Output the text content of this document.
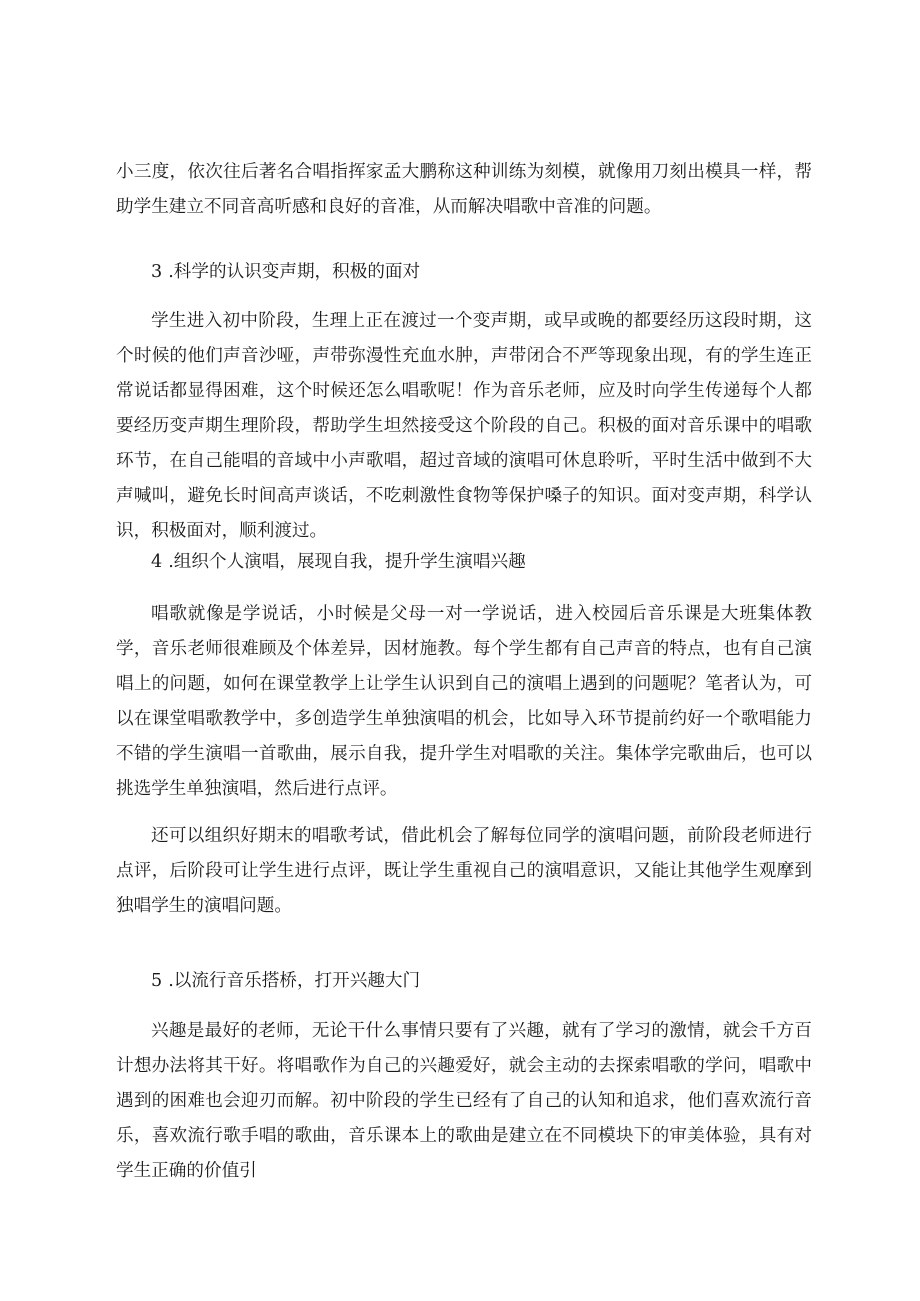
小三度，依次往后著名合唱指挥家孟大鹏称这种训练为刻模，就像用刀刻出模具一样，帮助学生建立不同音高听感和良好的音准，从而解决唱歌中音准的问题。

3 .科学的认识变声期，积极的面对

学生进入初中阶段，生理上正在渡过一个变声期，或早或晚的都要经历这段时期，这个时候的他们声音沙哑，声带弥漫性充血水肿，声带闭合不严等现象出现，有的学生连正常说话都显得困难，这个时候还怎么唱歌呢！作为音乐老师，应及时向学生传递每个人都要经历变声期生理阶段，帮助学生坦然接受这个阶段的自己。积极的面对音乐课中的唱歌环节，在自己能唱的音域中小声歌唱，超过音域的演唱可休息聆听，平时生活中做到不大声喊叫，避免长时间高声谈话，不吃刺激性食物等保护嗓子的知识。面对变声期，科学认识，积极面对，顺利渡过。

4 .组织个人演唱，展现自我，提升学生演唱兴趣

唱歌就像是学说话，小时候是父母一对一学说话，进入校园后音乐课是大班集体教学，音乐老师很难顾及个体差异，因材施教。每个学生都有自己声音的特点，也有自己演唱上的问题，如何在课堂教学上让学生认识到自己的演唱上遇到的问题呢？笔者认为，可以在课堂唱歌教学中，多创造学生单独演唱的机会，比如导入环节提前约好一个歌唱能力不错的学生演唱一首歌曲，展示自我，提升学生对唱歌的关注。集体学完歌曲后，也可以挑选学生单独演唱，然后进行点评。

还可以组织好期末的唱歌考试，借此机会了解每位同学的演唱问题，前阶段老师进行点评，后阶段可让学生进行点评，既让学生重视自己的演唱意识，又能让其他学生观摩到独唱学生的演唱问题。

5 .以流行音乐搭桥，打开兴趣大门

兴趣是最好的老师，无论干什么事情只要有了兴趣，就有了学习的激情，就会千方百计想办法将其干好。将唱歌作为自己的兴趣爱好，就会主动的去探索唱歌的学问，唱歌中遇到的困难也会迎刃而解。初中阶段的学生已经有了自己的认知和追求，他们喜欢流行音乐，喜欢流行歌手唱的歌曲，音乐课本上的歌曲是建立在不同模块下的审美体验，具有对学生正确的价值引
